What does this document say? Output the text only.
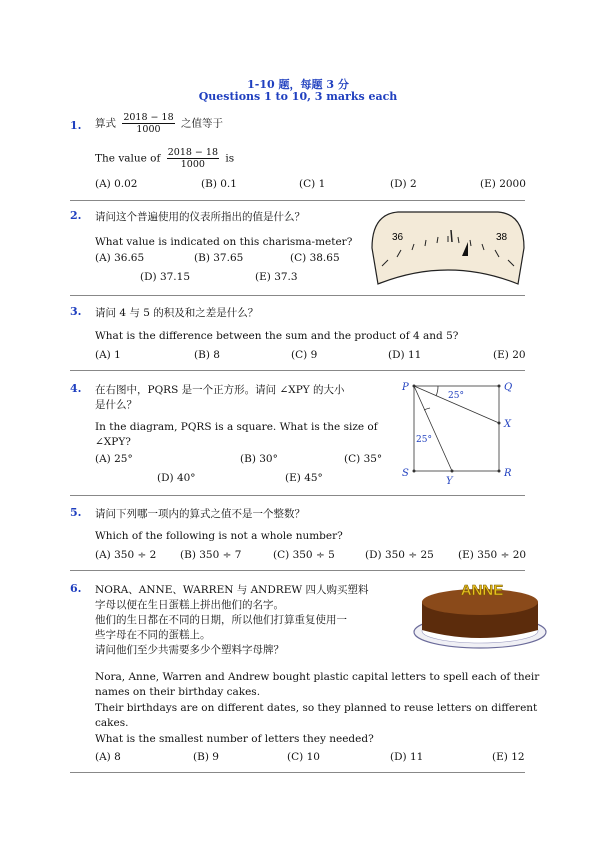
1-10 题，每题 3 分
Questions 1 to 10, 3 marks each
1. 算式 $\frac{2018 - 18}{1000}$ 之值等于
The value of $\frac{2018 - 18}{1000}$ is
(A) 0.02	(B) 0.1	(C) 1	(D) 2	(E) 2000
2. 请问这个普遍使用的仪表所指出的值是什么？
What value is indicated on this charisma-meter?
(A) 36.65	(B) 37.65	(C) 38.65
(D) 37.15	(E) 37.3
36	38
3. 请问 4 与 5 的积及和之差是什么？
What is the difference between the sum and the product of 4 and 5?
(A) 1	(B) 8	(C) 9	(D) 11	(E) 20
4. 在右图中，PQRS 是一个正方形。请问 ∠XPY 的大小
是什么？
In the diagram, PQRS is a square. What is the size of
∠XPY?
(A) 25°	(B) 30°	(C) 35°
(D) 40°	(E) 45°
P	Q
R
S
X
Y
25°
25°
5. 请问下列哪一项内的算式之值不是一个整数？
Which of the following is not a whole number?
(A) 350 ÷ 2 (B) 350 ÷ 7	(C) 350 ÷ 5	(D) 350 ÷ 25 (E) 350 ÷ 20
6. NORA、ANNE、WARREN 与 ANDREW 四人购买塑料
字母以便在生日蛋糕上拼出他们的名字。
他们的生日都在不同的日期，所以他们打算重复使用一
些字母在不同的蛋糕上。
请问他们至少共需要多少个塑料字母牌？
Nora, Anne, Warren and Andrew bought plastic capital letters to spell each of their
names on their birthday cakes.
Their birthdays are on different dates, so they planned to reuse letters on different
cakes.
What is the smallest number of letters they needed?
(A) 8	(B) 9	(C) 10	(D) 11	(E) 12
ANNE
